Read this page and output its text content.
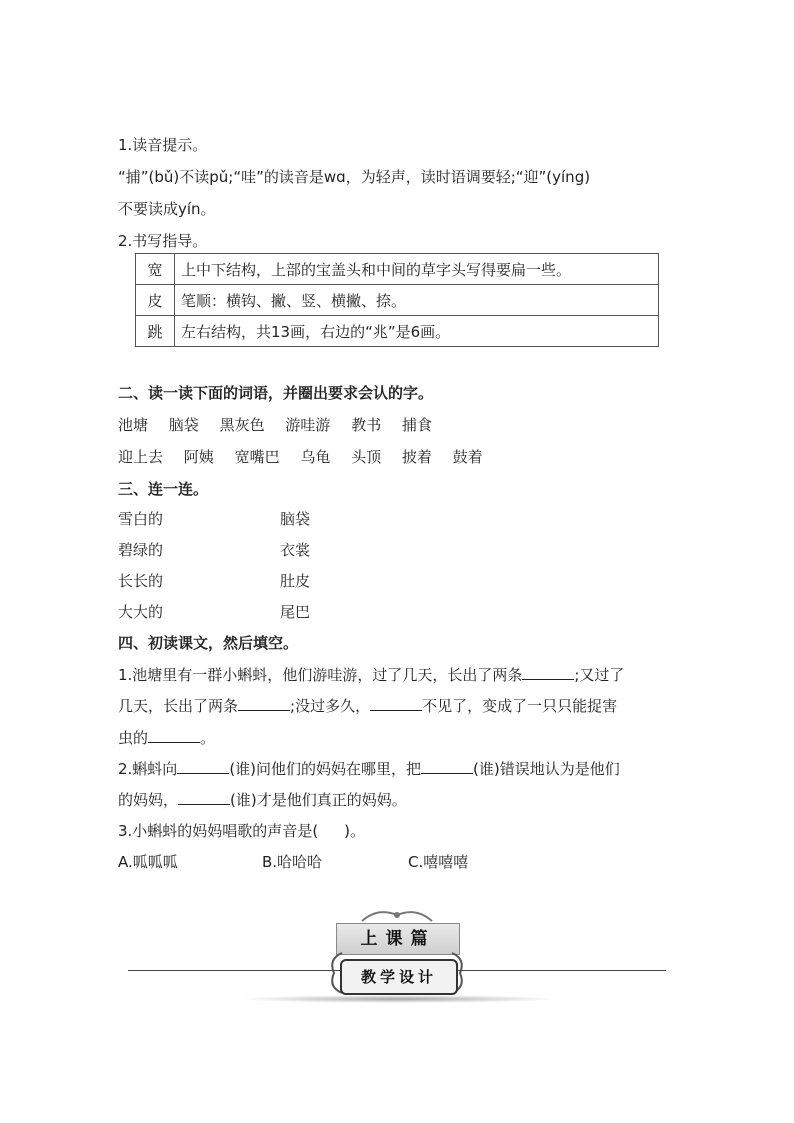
1.读音提示。
“捕”(bǔ)不读pǔ;“哇”的读音是wɑ，为轻声，读时语调要轻;“迎”(yíng)
不要读成yín。
2.书写指导。
宽	上中下结构，上部的宝盖头和中间的草字头写得要扁一些。
皮	笔顺：横钩、撇、竖、横撇、捺。
跳	左右结构，共13画，右边的“兆”是6画。
二、读一读下面的词语，并圈出要求会认的字。
池塘 脑袋 黑灰色 游哇游 教书 捕食
迎上去 阿姨 宽嘴巴 乌龟 头顶 披着 鼓着
三、连一连。
雪白的	脑袋
碧绿的	衣裳
长长的	肚皮
大大的	尾巴
四、初读课文，然后填空。
1.池塘里有一群小蝌蚪，他们游哇游，过了几天，长出了两条	;又过了
几天，长出了两条	;没过多久，	不见了，变成了一只只能捉害
虫的	。
2.蝌蚪向	(谁)问他们的妈妈在哪里，把	(谁)错误地认为是他们
的妈妈，	(谁)才是他们真正的妈妈。
3.小蝌蚪的妈妈唱歌的声音是( )。
A.呱呱呱	B.哈哈哈	C.嘻嘻嘻
上课篇
教学设计
